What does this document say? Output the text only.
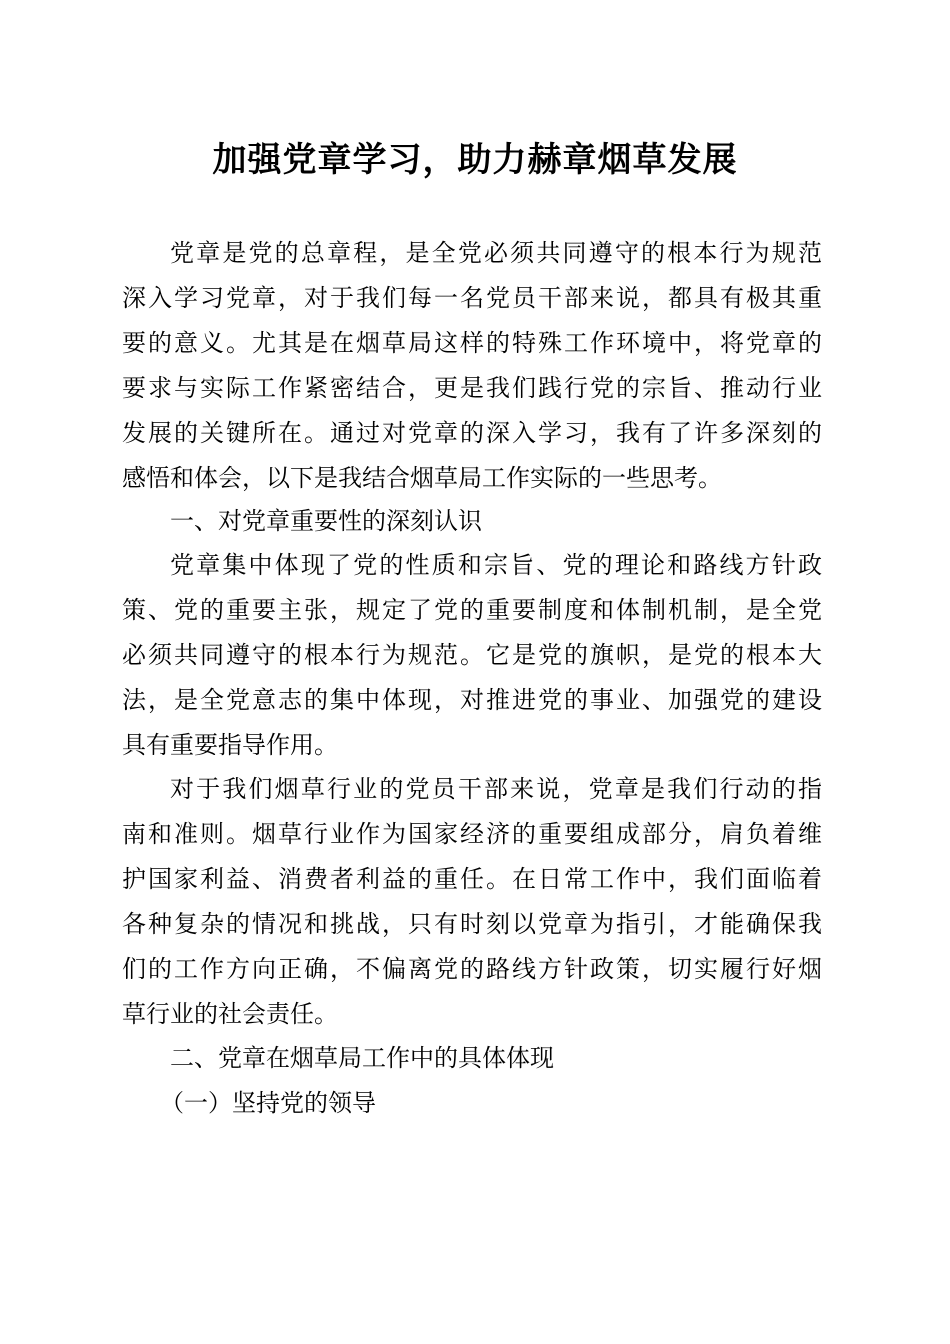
加强党章学习，助力赫章烟草发展
党章是党的总章程，是全党必须共同遵守的根本行为规范
深入学习党章，对于我们每一名党员干部来说，都具有极其重
要的意义。尤其是在烟草局这样的特殊工作环境中，将党章的
要求与实际工作紧密结合，更是我们践行党的宗旨、推动行业
发展的关键所在。通过对党章的深入学习，我有了许多深刻的
感悟和体会，以下是我结合烟草局工作实际的一些思考。
一、对党章重要性的深刻认识
党章集中体现了党的性质和宗旨、党的理论和路线方针政
策、党的重要主张，规定了党的重要制度和体制机制，是全党
必须共同遵守的根本行为规范。它是党的旗帜，是党的根本大
法，是全党意志的集中体现，对推进党的事业、加强党的建设
具有重要指导作用。
对于我们烟草行业的党员干部来说，党章是我们行动的指
南和准则。烟草行业作为国家经济的重要组成部分，肩负着维
护国家利益、消费者利益的重任。在日常工作中，我们面临着
各种复杂的情况和挑战，只有时刻以党章为指引，才能确保我
们的工作方向正确，不偏离党的路线方针政策，切实履行好烟
草行业的社会责任。
二、党章在烟草局工作中的具体体现
（一）坚持党的领导
